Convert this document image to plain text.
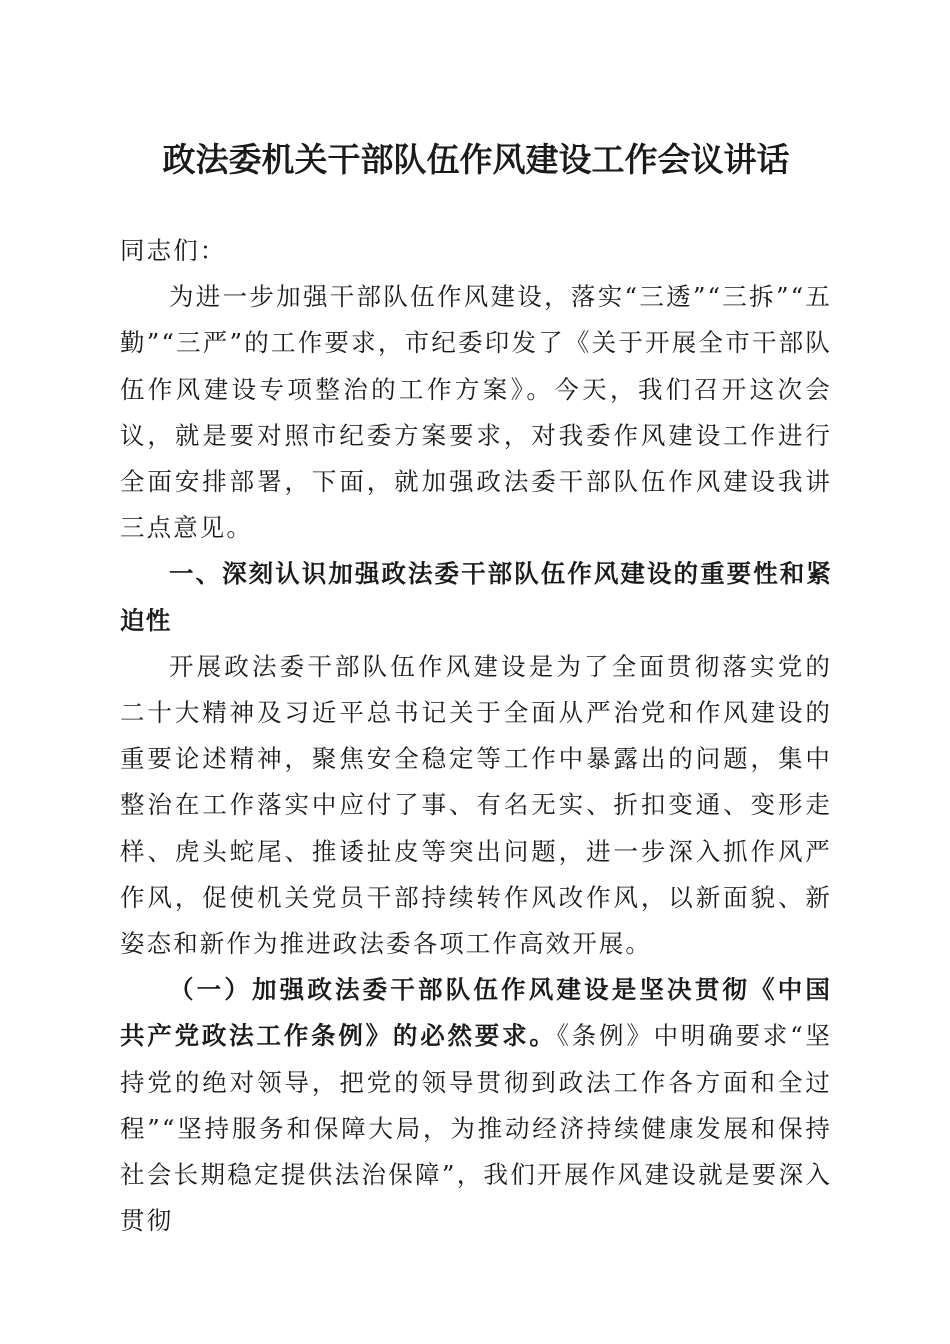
政法委机关干部队伍作风建设工作会议讲话

同志们：

为进一步加强干部队伍作风建设，落实“三透”“三拆”“五勤”“三严”的工作要求，市纪委印发了《关于开展全市干部队伍作风建设专项整治的工作方案》。今天，我们召开这次会议，就是要对照市纪委方案要求，对我委作风建设工作进行全面安排部署，下面，就加强政法委干部队伍作风建设我讲三点意见。

一、深刻认识加强政法委干部队伍作风建设的重要性和紧迫性

开展政法委干部队伍作风建设是为了全面贯彻落实党的二十大精神及习近平总书记关于全面从严治党和作风建设的重要论述精神，聚焦安全稳定等工作中暴露出的问题，集中整治在工作落实中应付了事、有名无实、折扣变通、变形走样、虎头蛇尾、推诿扯皮等突出问题，进一步深入抓作风严作风，促使机关党员干部持续转作风改作风，以新面貌、新姿态和新作为推进政法委各项工作高效开展。

（一）加强政法委干部队伍作风建设是坚决贯彻《中国共产党政法工作条例》的必然要求。《条例》中明确要求“坚持党的绝对领导，把党的领导贯彻到政法工作各方面和全过程”“坚持服务和保障大局，为推动经济持续健康发展和保持社会长期稳定提供法治保障”，我们开展作风建设就是要深入贯彻
